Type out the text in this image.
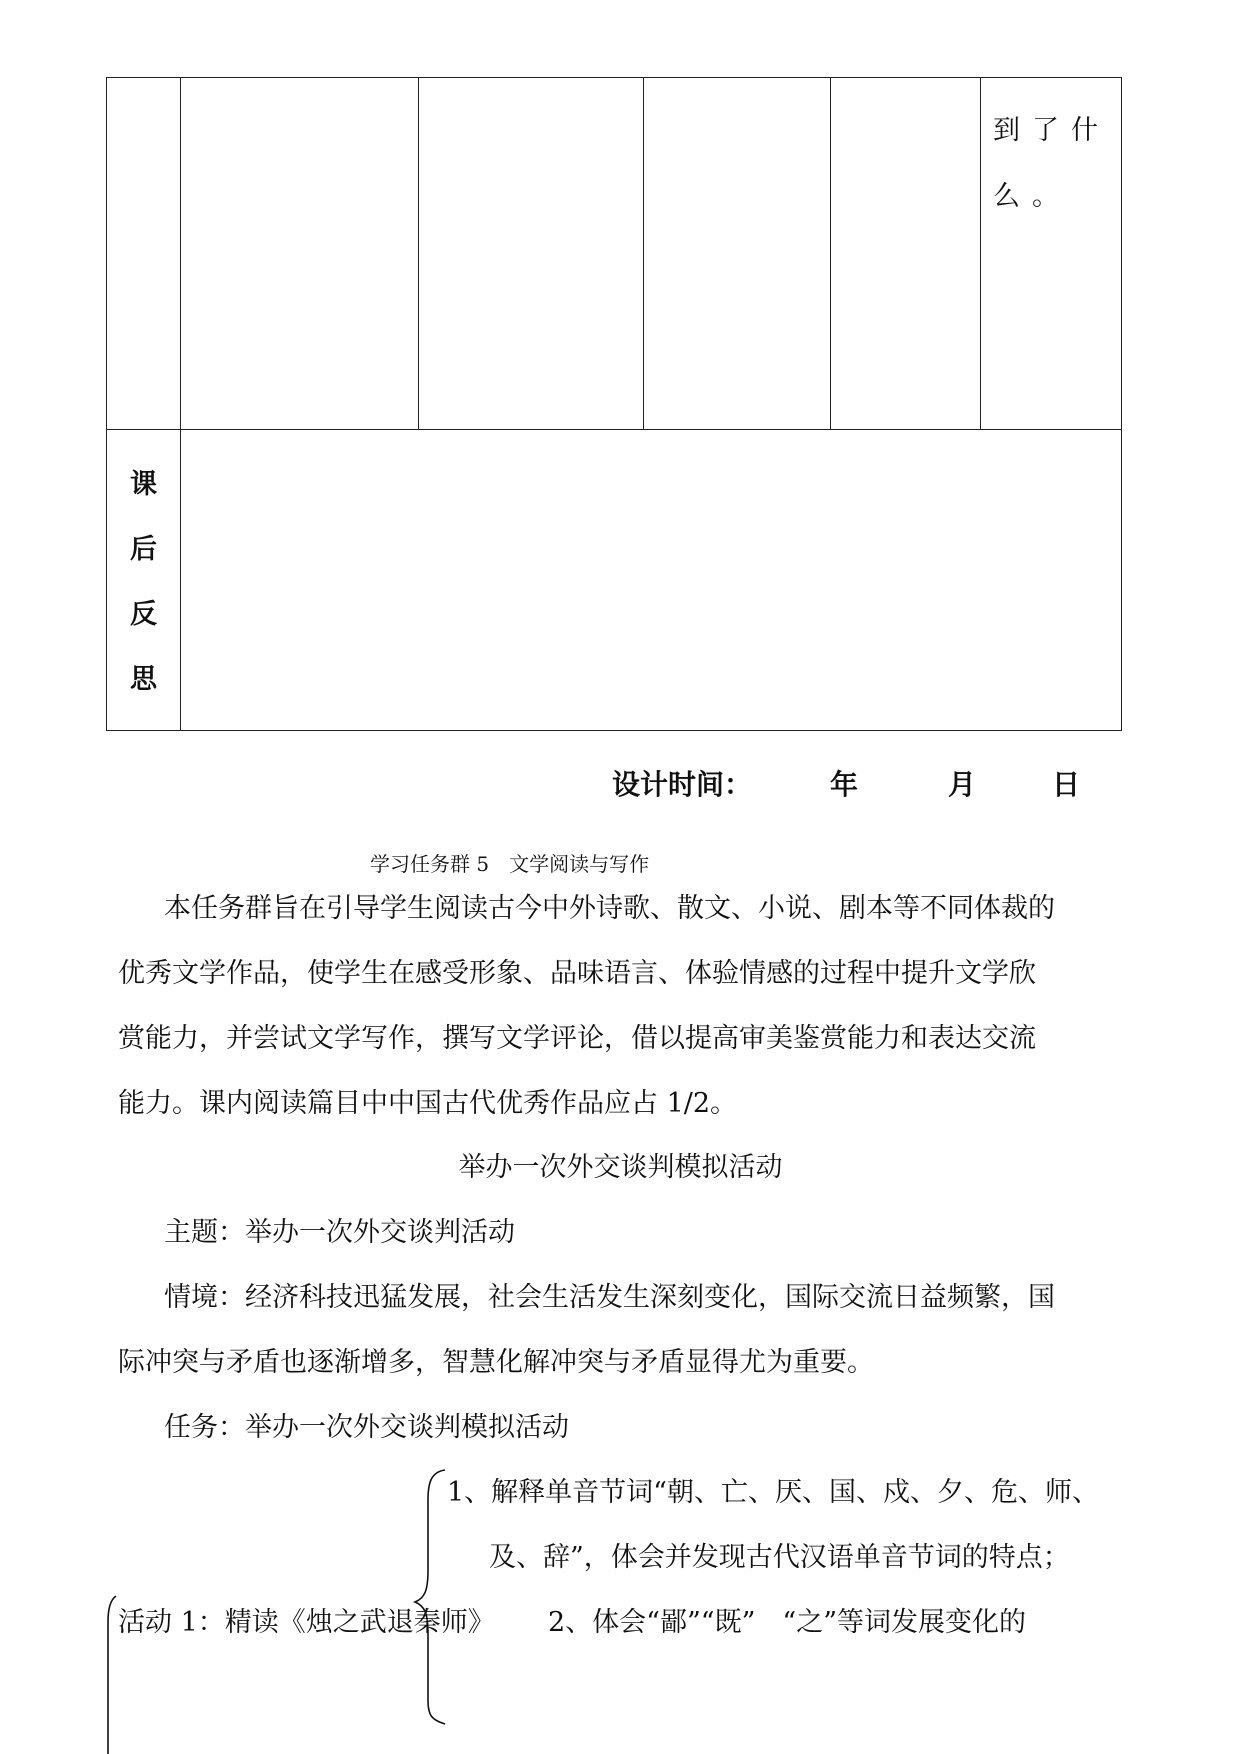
					到了什么。

课
后
反
思					

设计时间：	年	月	日
学习任务群 5　文学阅读与写作
本任务群旨在引导学生阅读古今中外诗歌、散文、小说、剧本等不同体裁的
优秀文学作品，使学生在感受形象、品味语言、体验情感的过程中提升文学欣
赏能力，并尝试文学写作，撰写文学评论，借以提高审美鉴赏能力和表达交流
能力。课内阅读篇目中中国古代优秀作品应占 1/2。
举办一次外交谈判模拟活动
主题：举办一次外交谈判活动
情境：经济科技迅猛发展，社会生活发生深刻变化，国际交流日益频繁，国
际冲突与矛盾也逐渐增多，智慧化解冲突与矛盾显得尤为重要。
任务：举办一次外交谈判模拟活动
1、解释单音节词“朝、亡、厌、国、戍、夕、危、师、
及、辞”，体会并发现古代汉语单音节词的特点；
活动 1：精读《烛之武退秦师》 2、体会“鄙”“既”　“之”等词发展变化的
